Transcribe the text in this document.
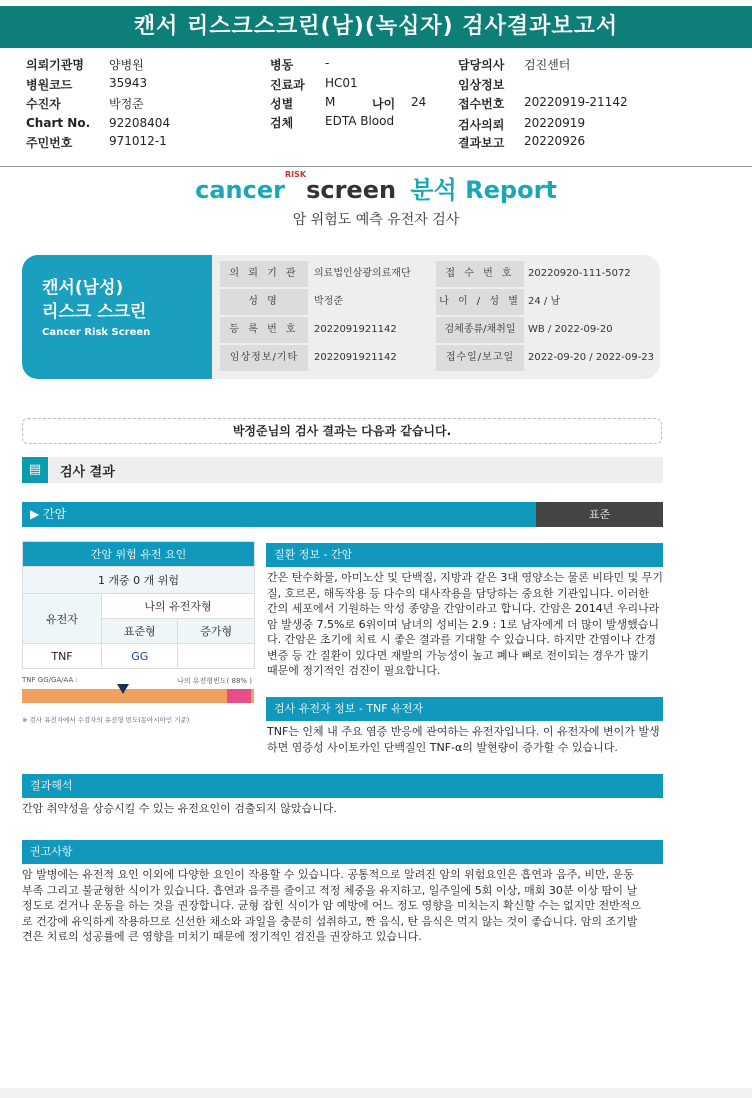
캔서 리스크스크린(남)(녹십자) 검사결과보고서
의뢰기관명 양병원
병원코드	35943
수진자	박정준
Chart No. 92208404
주민번호	971012-1
병동	-
진료과 HC01
성별	M	나이 24
검체	EDTA Blood
담당의사 검진센터
임상정보
접수번호 20220919-21142
검사의뢰 20220919
결과보고 20220926
cancer$^{RISK}$screen 분석 Report
암 위험도 예측 유전자 검사
캔서(남성)
리스크 스크린
Cancer Risk Screen
의 뢰 기 관	의료법인삼광의료재단	접 수 번 호	20220920-111-5072
성 명	박정준	나 이 / 성 별 24 / 남
등 록 번 호	2022091921142	검체종류/채취일	WB / 2022-09-20
임상정보/기타	2022091921142	접수일/보고일	2022-09-20 / 2022-09-23
박정준님의 검사 결과는 다음과 같습니다.
▤	검사 결과
▶ 간암	표준
간암 위험 유전 요인		
1 개중 0 개 위험		
유전자	나의 유전자형	
	표준형	증가형
TNF	GG	
TNF GG/GA/AA :	나의 유전형빈도( 88% )
※ 검사 유전자에서 수검자의 유전형 빈도(동아시아인 기준)
질환 정보 - 간암
간은 탄수화물, 아미노산 및 단백질, 지방과 같은 3대 영양소는 물론 비타민 및 무기질, 호르몬, 해독작용 등 다수의 대사작용을 담당하는 중요한 기관입니다. 이러한 간의 세포에서 기원하는 악성 종양을 간암이라고 합니다. 간암은 2014년 우리나라 암 발생중 7.5%로 6위이며 남녀의 성비는 2.9 : 1로 남자에게 더 많이 발생했습니다. 간암은 초기에 치료 시 좋은 결과를 기대할 수 있습니다. 하지만 간염이나 간경변증 등 간 질환이 있다면 재발의 가능성이 높고 폐나 뼈로 전이되는 경우가 많기 때문에 정기적인 검진이 필요합니다.
검사 유전자 정보 - TNF 유전자
TNF는 인체 내 주요 염증 반응에 관여하는 유전자입니다. 이 유전자에 변이가 발생하면 염증성 사이토카인 단백질인 TNF-α의 발현량이 증가할 수 있습니다.
결과해석
간암 취약성을 상승시킬 수 있는 유전요인이 검출되지 않았습니다.
권고사항
암 발병에는 유전적 요인 이외에 다양한 요인이 작용할 수 있습니다. 공통적으로 알려진 암의 위험요인은 흡연과 음주, 비만, 운동 부족 그리고 불균형한 식이가 있습니다. 흡연과 음주를 줄이고 적정 체중을 유지하고, 일주일에 5회 이상, 매회 30분 이상 땀이 날 정도로 걷거나 운동을 하는 것을 권장합니다. 균형 잡힌 식이가 암 예방에 어느 정도 영향을 미치는지 확신할 수는 없지만 전반적으로 건강에 유익하게 작용하므로 신선한 채소와 과일을 충분히 섭취하고, 짠 음식, 탄 음식은 먹지 않는 것이 좋습니다. 암의 조기발견은 치료의 성공률에 큰 영향을 미치기 때문에 정기적인 검진을 권장하고 있습니다.
